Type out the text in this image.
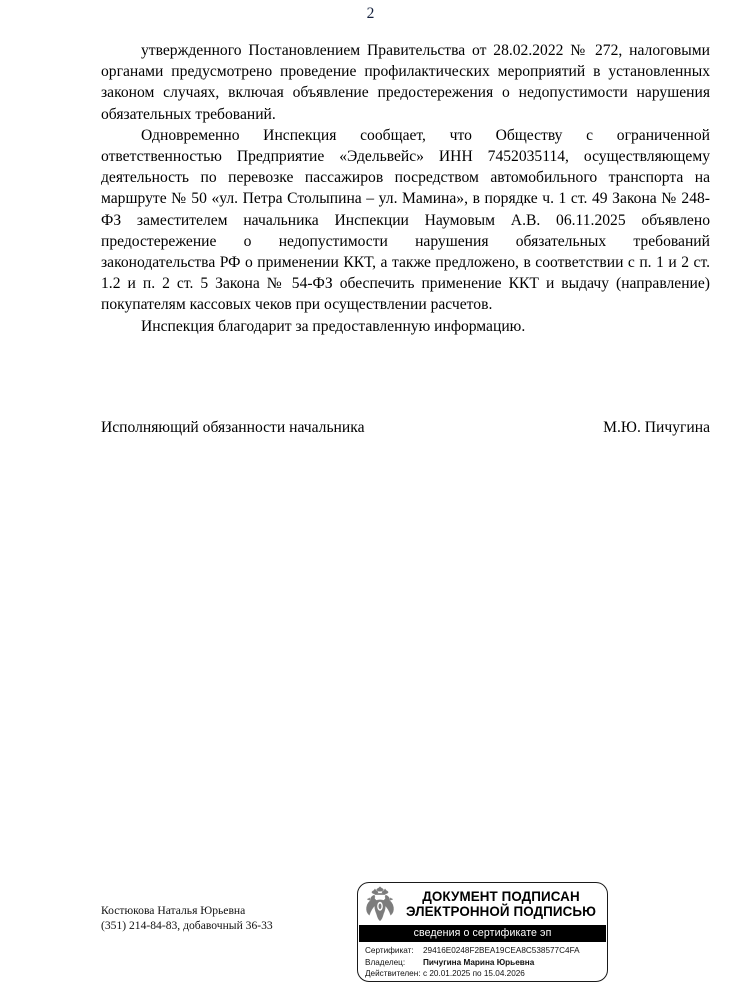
2

утвержденного Постановлением Правительства от 28.02.2022 № 272, налоговыми органами предусмотрено проведение профилактических мероприятий в установленных законом случаях, включая объявление предостережения о недопустимости нарушения обязательных требований.

Одновременно Инспекция сообщает, что Обществу с ограниченной ответственностью Предприятие «Эдельвейс» ИНН 7452035114, осуществляющему деятельность по перевозке пассажиров посредством автомобильного транспорта на маршруте № 50 «ул. Петра Столыпина – ул. Мамина», в порядке ч. 1 ст. 49 Закона № 248-ФЗ заместителем начальника Инспекции Наумовым А.В. 06.11.2025 объявлено предостережение о недопустимости нарушения обязательных требований законодательства РФ о применении ККТ, а также предложено, в соответствии с п. 1 и 2 ст. 1.2 и п. 2 ст. 5 Закона № 54-ФЗ обеспечить применение ККТ и выдачу (направление) покупателям кассовых чеков при осуществлении расчетов.

Инспекция благодарит за предоставленную информацию.

Исполняющий обязанности начальника	М.Ю. Пичугина
Костюкова Наталья Юрьевна
(351) 214-84-83, добавочный 36-33
ДОКУМЕНТ ПОДПИСАН
ЭЛЕКТРОННОЙ ПОДПИСЬЮ
сведения о сертификате эп
Сертификат:	29416E0248F2BEA19CEA8C538577C4FA
Владелец:	Пичугина Марина Юрьевна
Действителен: с 20.01.2025 по 15.04.2026
